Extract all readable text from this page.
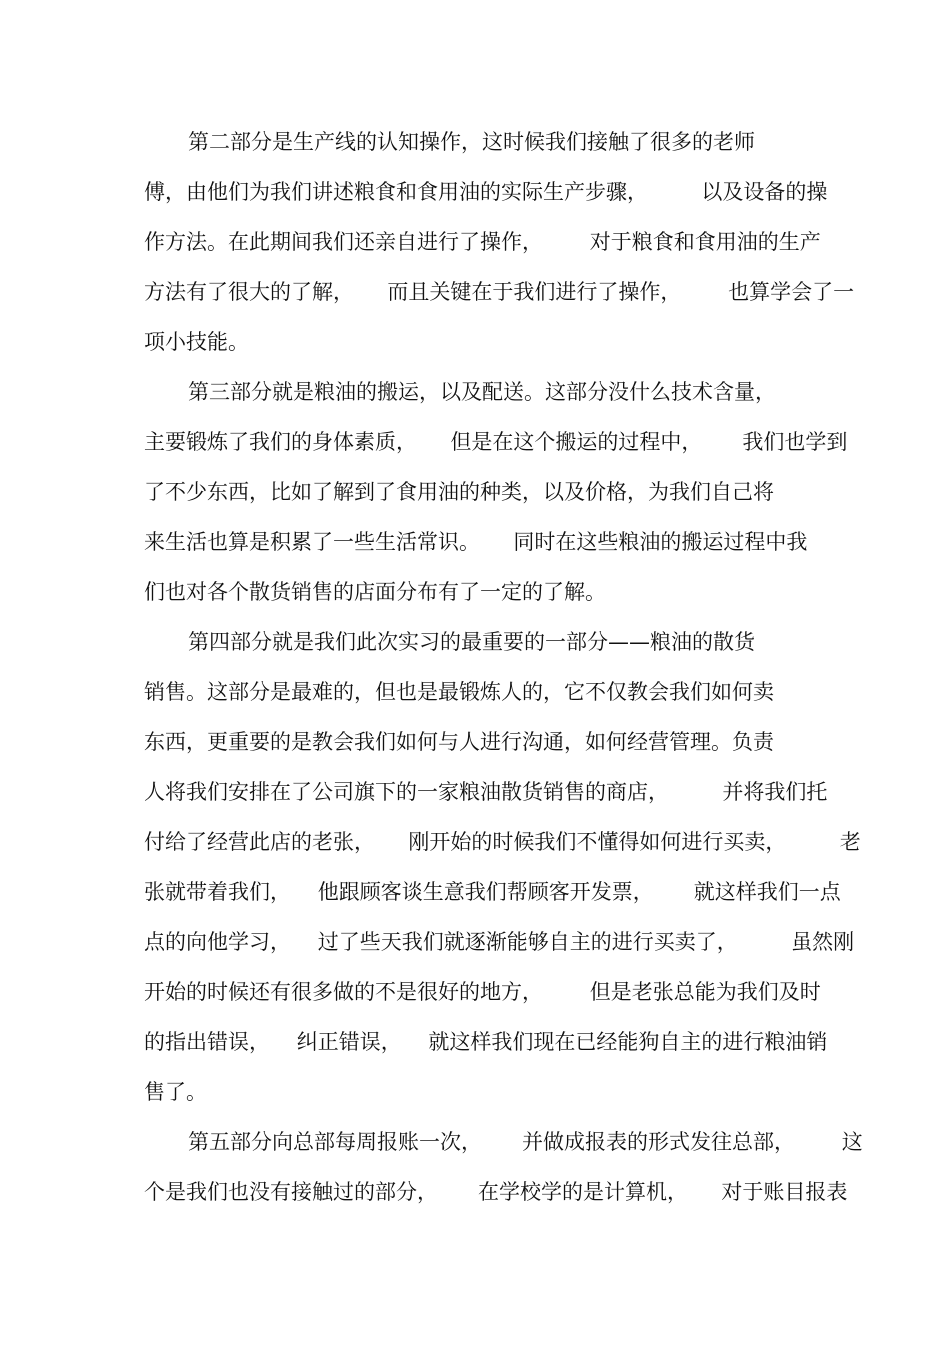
第二部分是生产线的认知操作，这时候我们接触了很多的老师
傅，由他们为我们讲述粮食和食用油的实际生产步骤，        以及设备的操
作方法。在此期间我们还亲自进行了操作，       对于粮食和食用油的生产
方法有了很大的了解，     而且关键在于我们进行了操作，       也算学会了一
项小技能。
第三部分就是粮油的搬运，以及配送。这部分没什么技术含量，
主要锻炼了我们的身体素质，     但是在这个搬运的过程中，      我们也学到
了不少东西，比如了解到了食用油的种类，以及价格，为我们自己将
来生活也算是积累了一些生活常识。     同时在这些粮油的搬运过程中我
们也对各个散货销售的店面分布有了一定的了解。
第四部分就是我们此次实习的最重要的一部分——粮油的散货
销售。这部分是最难的，但也是最锻炼人的，它不仅教会我们如何卖
东西，更重要的是教会我们如何与人进行沟通，如何经营管理。负责
人将我们安排在了公司旗下的一家粮油散货销售的商店，        并将我们托
付给了经营此店的老张，     刚开始的时候我们不懂得如何进行买卖，        老
张就带着我们，    他跟顾客谈生意我们帮顾客开发票，      就这样我们一点
点的向他学习，    过了些天我们就逐渐能够自主的进行买卖了，        虽然刚
开始的时候还有很多做的不是很好的地方，       但是老张总能为我们及时
的指出错误，    纠正错误，    就这样我们现在已经能狗自主的进行粮油销
售了。
第五部分向总部每周报账一次，      并做成报表的形式发往总部，       这
个是我们也没有接触过的部分，      在学校学的是计算机，     对于账目报表
